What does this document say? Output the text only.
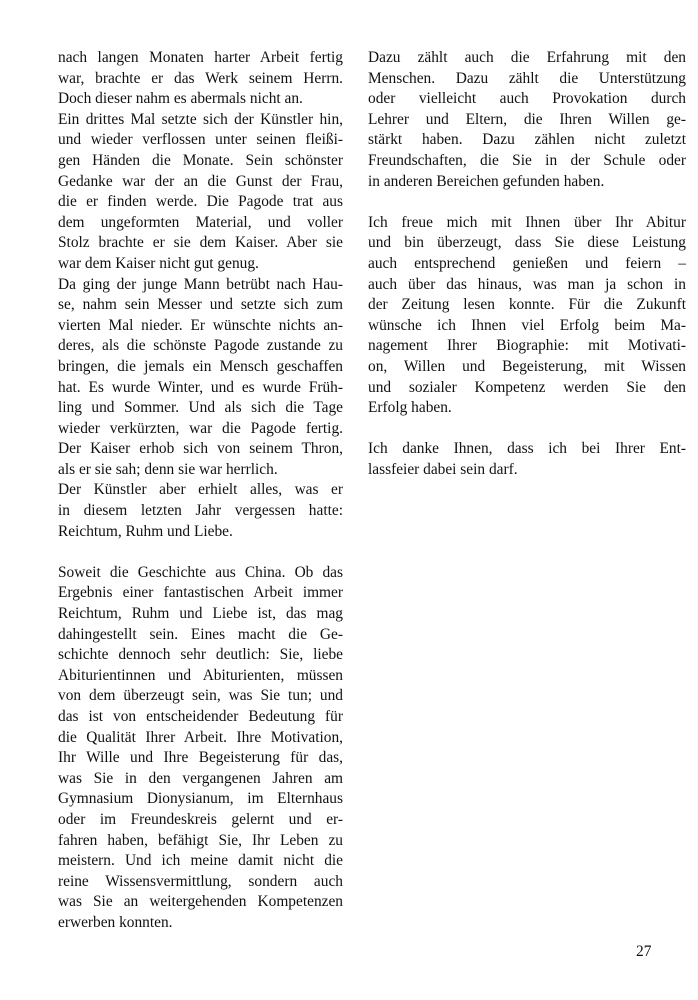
nach langen Monaten harter Arbeit fertig
war, brachte er das Werk seinem Herrn.
Doch dieser nahm es abermals nicht an.
Ein drittes Mal setzte sich der Künstler hin,
und wieder verflossen unter seinen fleißi-
gen Händen die Monate. Sein schönster
Gedanke war der an die Gunst der Frau,
die er finden werde. Die Pagode trat aus
dem ungeformten Material, und voller
Stolz brachte er sie dem Kaiser. Aber sie
war dem Kaiser nicht gut genug.
Da ging der junge Mann betrübt nach Hau-
se, nahm sein Messer und setzte sich zum
vierten Mal nieder. Er wünschte nichts an-
deres, als die schönste Pagode zustande zu
bringen, die jemals ein Mensch geschaffen
hat. Es wurde Winter, und es wurde Früh-
ling und Sommer. Und als sich die Tage
wieder verkürzten, war die Pagode fertig.
Der Kaiser erhob sich von seinem Thron,
als er sie sah; denn sie war herrlich.
Der Künstler aber erhielt alles, was er
in diesem letzten Jahr vergessen hatte:
Reichtum, Ruhm und Liebe.
Soweit die Geschichte aus China. Ob das
Ergebnis einer fantastischen Arbeit immer
Reichtum, Ruhm und Liebe ist, das mag
dahingestellt sein. Eines macht die Ge-
schichte dennoch sehr deutlich: Sie, liebe
Abiturientinnen und Abiturienten, müssen
von dem überzeugt sein, was Sie tun; und
das ist von entscheidender Bedeutung für
die Qualität Ihrer Arbeit. Ihre Motivation,
Ihr Wille und Ihre Begeisterung für das,
was Sie in den vergangenen Jahren am
Gymnasium Dionysianum, im Elternhaus
oder im Freundeskreis gelernt und er-
fahren haben, befähigt Sie, Ihr Leben zu
meistern. Und ich meine damit nicht die
reine Wissensvermittlung, sondern auch
was Sie an weitergehenden Kompetenzen
erwerben konnten.
Dazu zählt auch die Erfahrung mit den
Menschen. Dazu zählt die Unterstützung
oder vielleicht auch Provokation durch
Lehrer und Eltern, die Ihren Willen ge-
stärkt haben. Dazu zählen nicht zuletzt
Freundschaften, die Sie in der Schule oder
in anderen Bereichen gefunden haben.
Ich freue mich mit Ihnen über Ihr Abitur
und bin überzeugt, dass Sie diese Leistung
auch entsprechend genießen und feiern –
auch über das hinaus, was man ja schon in
der Zeitung lesen konnte. Für die Zukunft
wünsche ich Ihnen viel Erfolg beim Ma-
nagement Ihrer Biographie: mit Motivati-
on, Willen und Begeisterung, mit Wissen
und sozialer Kompetenz werden Sie den
Erfolg haben.
Ich danke Ihnen, dass ich bei Ihrer Ent-
lassfeier dabei sein darf.
27
